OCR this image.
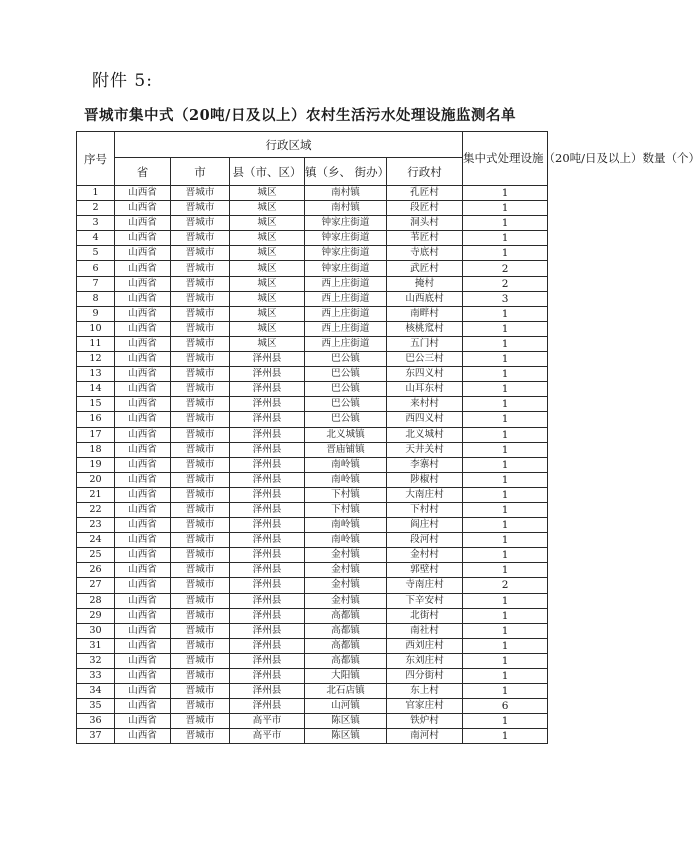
附件 5:
晋城市集中式（20吨/日及以上）农村生活污水处理设施监测名单
序号	行政区域					集中式处理设施（20吨/日及以上）数量（个）
	省	市	县（市、区）	镇（乡、 街办）	行政村	
1	山西省	晋城市	城区	南村镇	孔匠村	1
2	山西省	晋城市	城区	南村镇	段匠村	1
3	山西省	晋城市	城区	钟家庄街道	洞头村	1
4	山西省	晋城市	城区	钟家庄街道	苇匠村	1
5	山西省	晋城市	城区	钟家庄街道	寺底村	1
6	山西省	晋城市	城区	钟家庄街道	武匠村	2
7	山西省	晋城市	城区	西上庄街道	掩村	2
8	山西省	晋城市	城区	西上庄街道	山西底村	3
9	山西省	晋城市	城区	西上庄街道	南畔村	1
10	山西省	晋城市	城区	西上庄街道	核桃窊村	1
11	山西省	晋城市	城区	西上庄街道	五门村	1
12	山西省	晋城市	泽州县	巴公镇	巴公三村	1
13	山西省	晋城市	泽州县	巴公镇	东四义村	1
14	山西省	晋城市	泽州县	巴公镇	山耳东村	1
15	山西省	晋城市	泽州县	巴公镇	来村村	1
16	山西省	晋城市	泽州县	巴公镇	西四义村	1
17	山西省	晋城市	泽州县	北义城镇	北义城村	1
18	山西省	晋城市	泽州县	晋庙铺镇	天井关村	1
19	山西省	晋城市	泽州县	南岭镇	李寨村	1
20	山西省	晋城市	泽州县	南岭镇	陟椒村	1
21	山西省	晋城市	泽州县	下村镇	大南庄村	1
22	山西省	晋城市	泽州县	下村镇	下村村	1
23	山西省	晋城市	泽州县	南岭镇	阎庄村	1
24	山西省	晋城市	泽州县	南岭镇	段河村	1
25	山西省	晋城市	泽州县	金村镇	金村村	1
26	山西省	晋城市	泽州县	金村镇	郭壁村	1
27	山西省	晋城市	泽州县	金村镇	寺南庄村	2
28	山西省	晋城市	泽州县	金村镇	下辛安村	1
29	山西省	晋城市	泽州县	高都镇	北街村	1
30	山西省	晋城市	泽州县	高都镇	南社村	1
31	山西省	晋城市	泽州县	高都镇	西刘庄村	1
32	山西省	晋城市	泽州县	高都镇	东刘庄村	1
33	山西省	晋城市	泽州县	大阳镇	四分街村	1
34	山西省	晋城市	泽州县	北石店镇	东上村	1
35	山西省	晋城市	泽州县	山河镇	官家庄村	6
36	山西省	晋城市	高平市	陈区镇	铁炉村	1
37	山西省	晋城市	高平市	陈区镇	南河村	1
